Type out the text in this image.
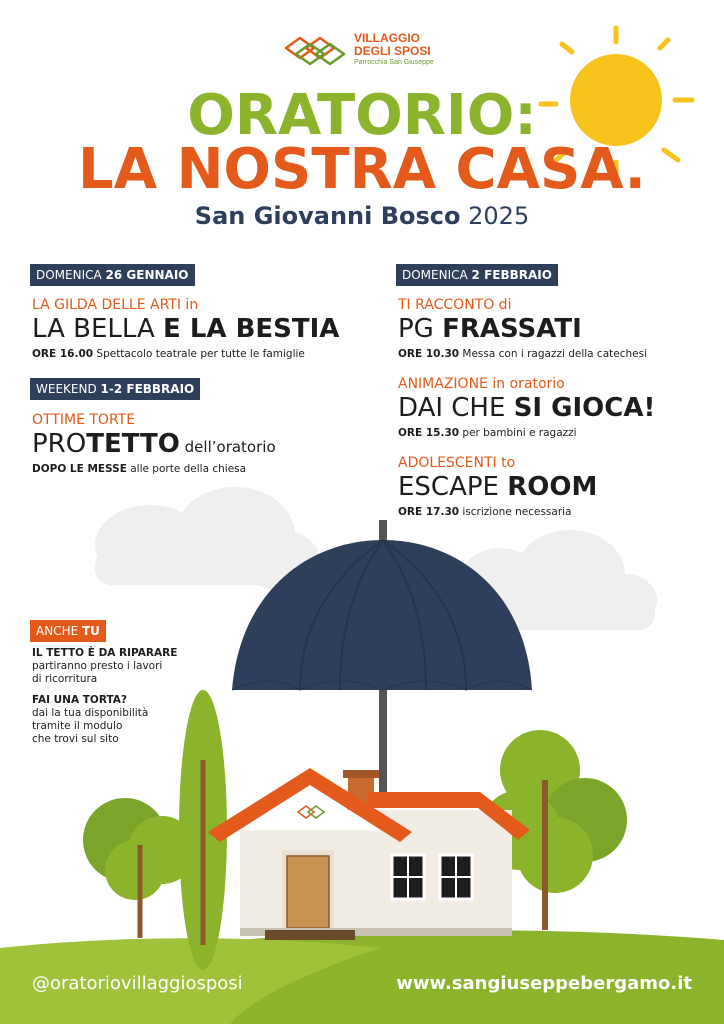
VILLAGGIO
DEGLI SPOSI
Parrocchia San Giuseppe
ORATORIO:
LA NOSTRA CASA.
San Giovanni Bosco 2025
DOMENICA 26 GENNAIO
LA GILDA DELLE ARTI in
LA BELLA E LA BESTIA
ORE 16.00 Spettacolo teatrale per tutte le famiglie
WEEKEND 1-2 FEBBRAIO
OTTIME TORTE
PROTETTO dell’oratorio
DOPO LE MESSE alle porte della chiesa
DOMENICA 2 FEBBRAIO
TI RACCONTO di
PG FRASSATI
ORE 10.30 Messa con i ragazzi della catechesi
ANIMAZIONE in oratorio
DAI CHE SI GIOCA!
ORE 15.30 per bambini e ragazzi
ADOLESCENTI to
ESCAPE ROOM
ORE 17.30 iscrizione necessaria
ANCHE TU
IL TETTO È DA RIPARARE
partiranno presto i lavori
di ricorritura

FAI UNA TORTA?
dai la tua disponibilità
tramite il modulo
che trovi sul sito
@oratoriovillaggiosposi	www.sangiuseppebergamo.it
